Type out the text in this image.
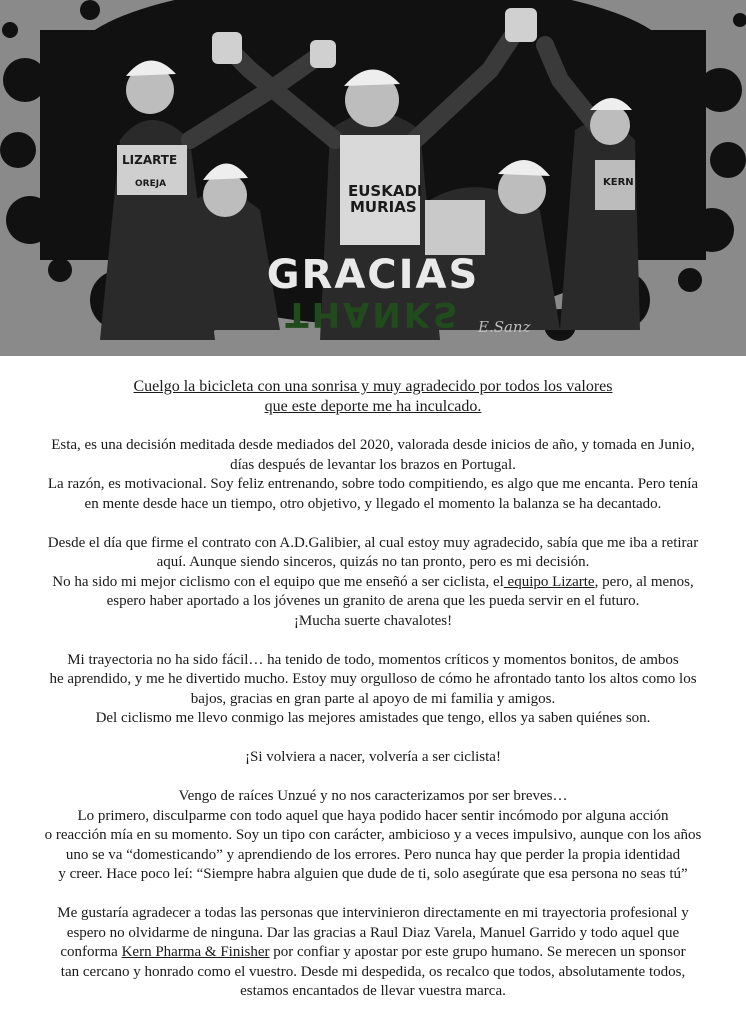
LIZARTE
OREJA	EUSKADI
MURIAS
KERN
GRACIAS
THANKS	E.Sanz

Cuelgo la bicicleta con una sonrisa y muy agradecido por todos los valores
que este deporte me ha inculcado.

Esta, es una decisión meditada desde mediados del 2020, valorada desde inicios de año, y tomada en Junio,
días después de levantar los brazos en Portugal.
La razón, es motivacional. Soy feliz entrenando, sobre todo compitiendo, es algo que me encanta. Pero tenía
en mente desde hace un tiempo, otro objetivo, y llegado el momento la balanza se ha decantado.

Desde el día que firme el contrato con A.D.Galibier, al cual estoy muy agradecido, sabía que me iba a retirar
aquí. Aunque siendo sinceros, quizás no tan pronto, pero es mi decisión.
No ha sido mi mejor ciclismo con el equipo que me enseñó a ser ciclista, el equipo Lizarte, pero, al menos,
espero haber aportado a los jóvenes un granito de arena que les pueda servir en el futuro.
¡Mucha suerte chavalotes!

Mi trayectoria no ha sido fácil… ha tenido de todo, momentos críticos y momentos bonitos, de ambos
he aprendido, y me he divertido mucho. Estoy muy orgulloso de cómo he afrontado tanto los altos como los
bajos, gracias en gran parte al apoyo de mi familia y amigos.
Del ciclismo me llevo conmigo las mejores amistades que tengo, ellos ya saben quiénes son.

¡Si volviera a nacer, volvería a ser ciclista!

Vengo de raíces Unzué y no nos caracterizamos por ser breves…
Lo primero, disculparme con todo aquel que haya podido hacer sentir incómodo por alguna acción
o reacción mía en su momento. Soy un tipo con carácter, ambicioso y a veces impulsivo, aunque con los años
uno se va “domesticando” y aprendiendo de los errores. Pero nunca hay que perder la propia identidad
y creer. Hace poco leí: “Siempre habra alguien que dude de ti, solo asegúrate que esa persona no seas tú”

Me gustaría agradecer a todas las personas que intervinieron directamente en mi trayectoria profesional y
espero no olvidarme de ninguna. Dar las gracias a Raul Diaz Varela, Manuel Garrido y todo aquel que
conforma Kern Pharma & Finisher por confiar y apostar por este grupo humano. Se merecen un sponsor
tan cercano y honrado como el vuestro. Desde mi despedida, os recalco que todos, absolutamente todos,
estamos encantados de llevar vuestra marca.
